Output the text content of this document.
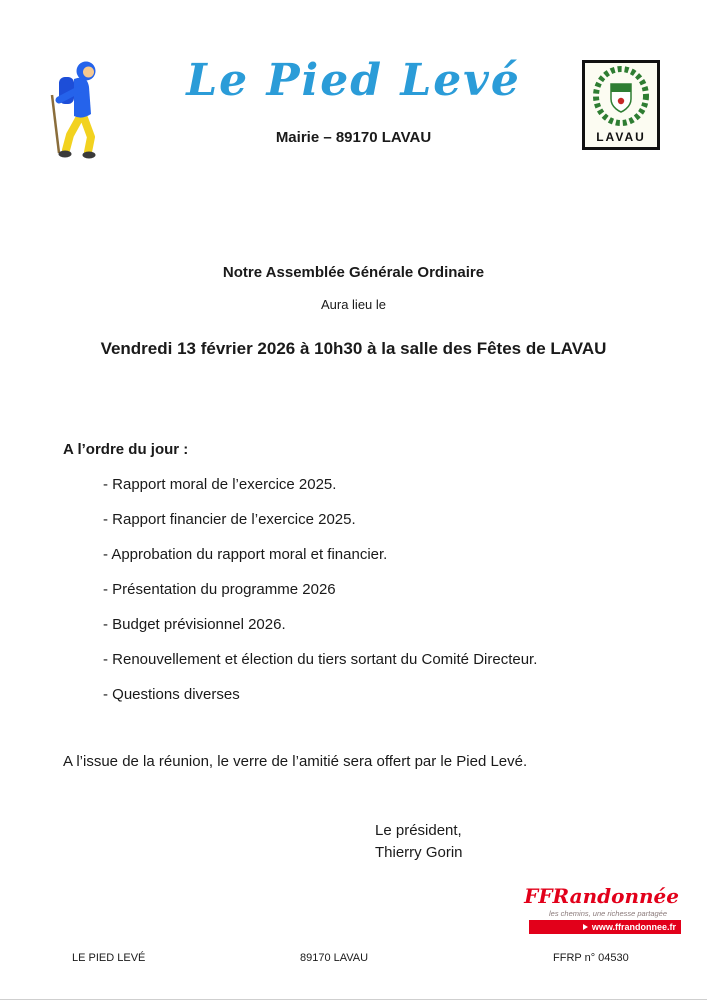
Le Pied Levé
Mairie – 89170 LAVAU	LAVAU
Notre Assemblée Générale Ordinaire
Aura lieu le
Vendredi 13 février 2026 à 10h30 à la salle des Fêtes de LAVAU
A l’ordre du jour :
- Rapport moral de l’exercice 2025.
- Rapport financier de l’exercice 2025.
- Approbation du rapport moral et financier.
- Présentation du programme 2026
- Budget prévisionnel 2026.
- Renouvellement et élection du tiers sortant du Comité Directeur.
- Questions diverses
A l’issue de la réunion, le verre de l’amitié sera offert par le Pied Levé.
Le président,
Thierry Gorin
FFRandonnée
les chemins, une richesse partagée
www.ffrandonnee.fr
LE PIED LEVÉ	89170 LAVAU	FFRP n° 04530
